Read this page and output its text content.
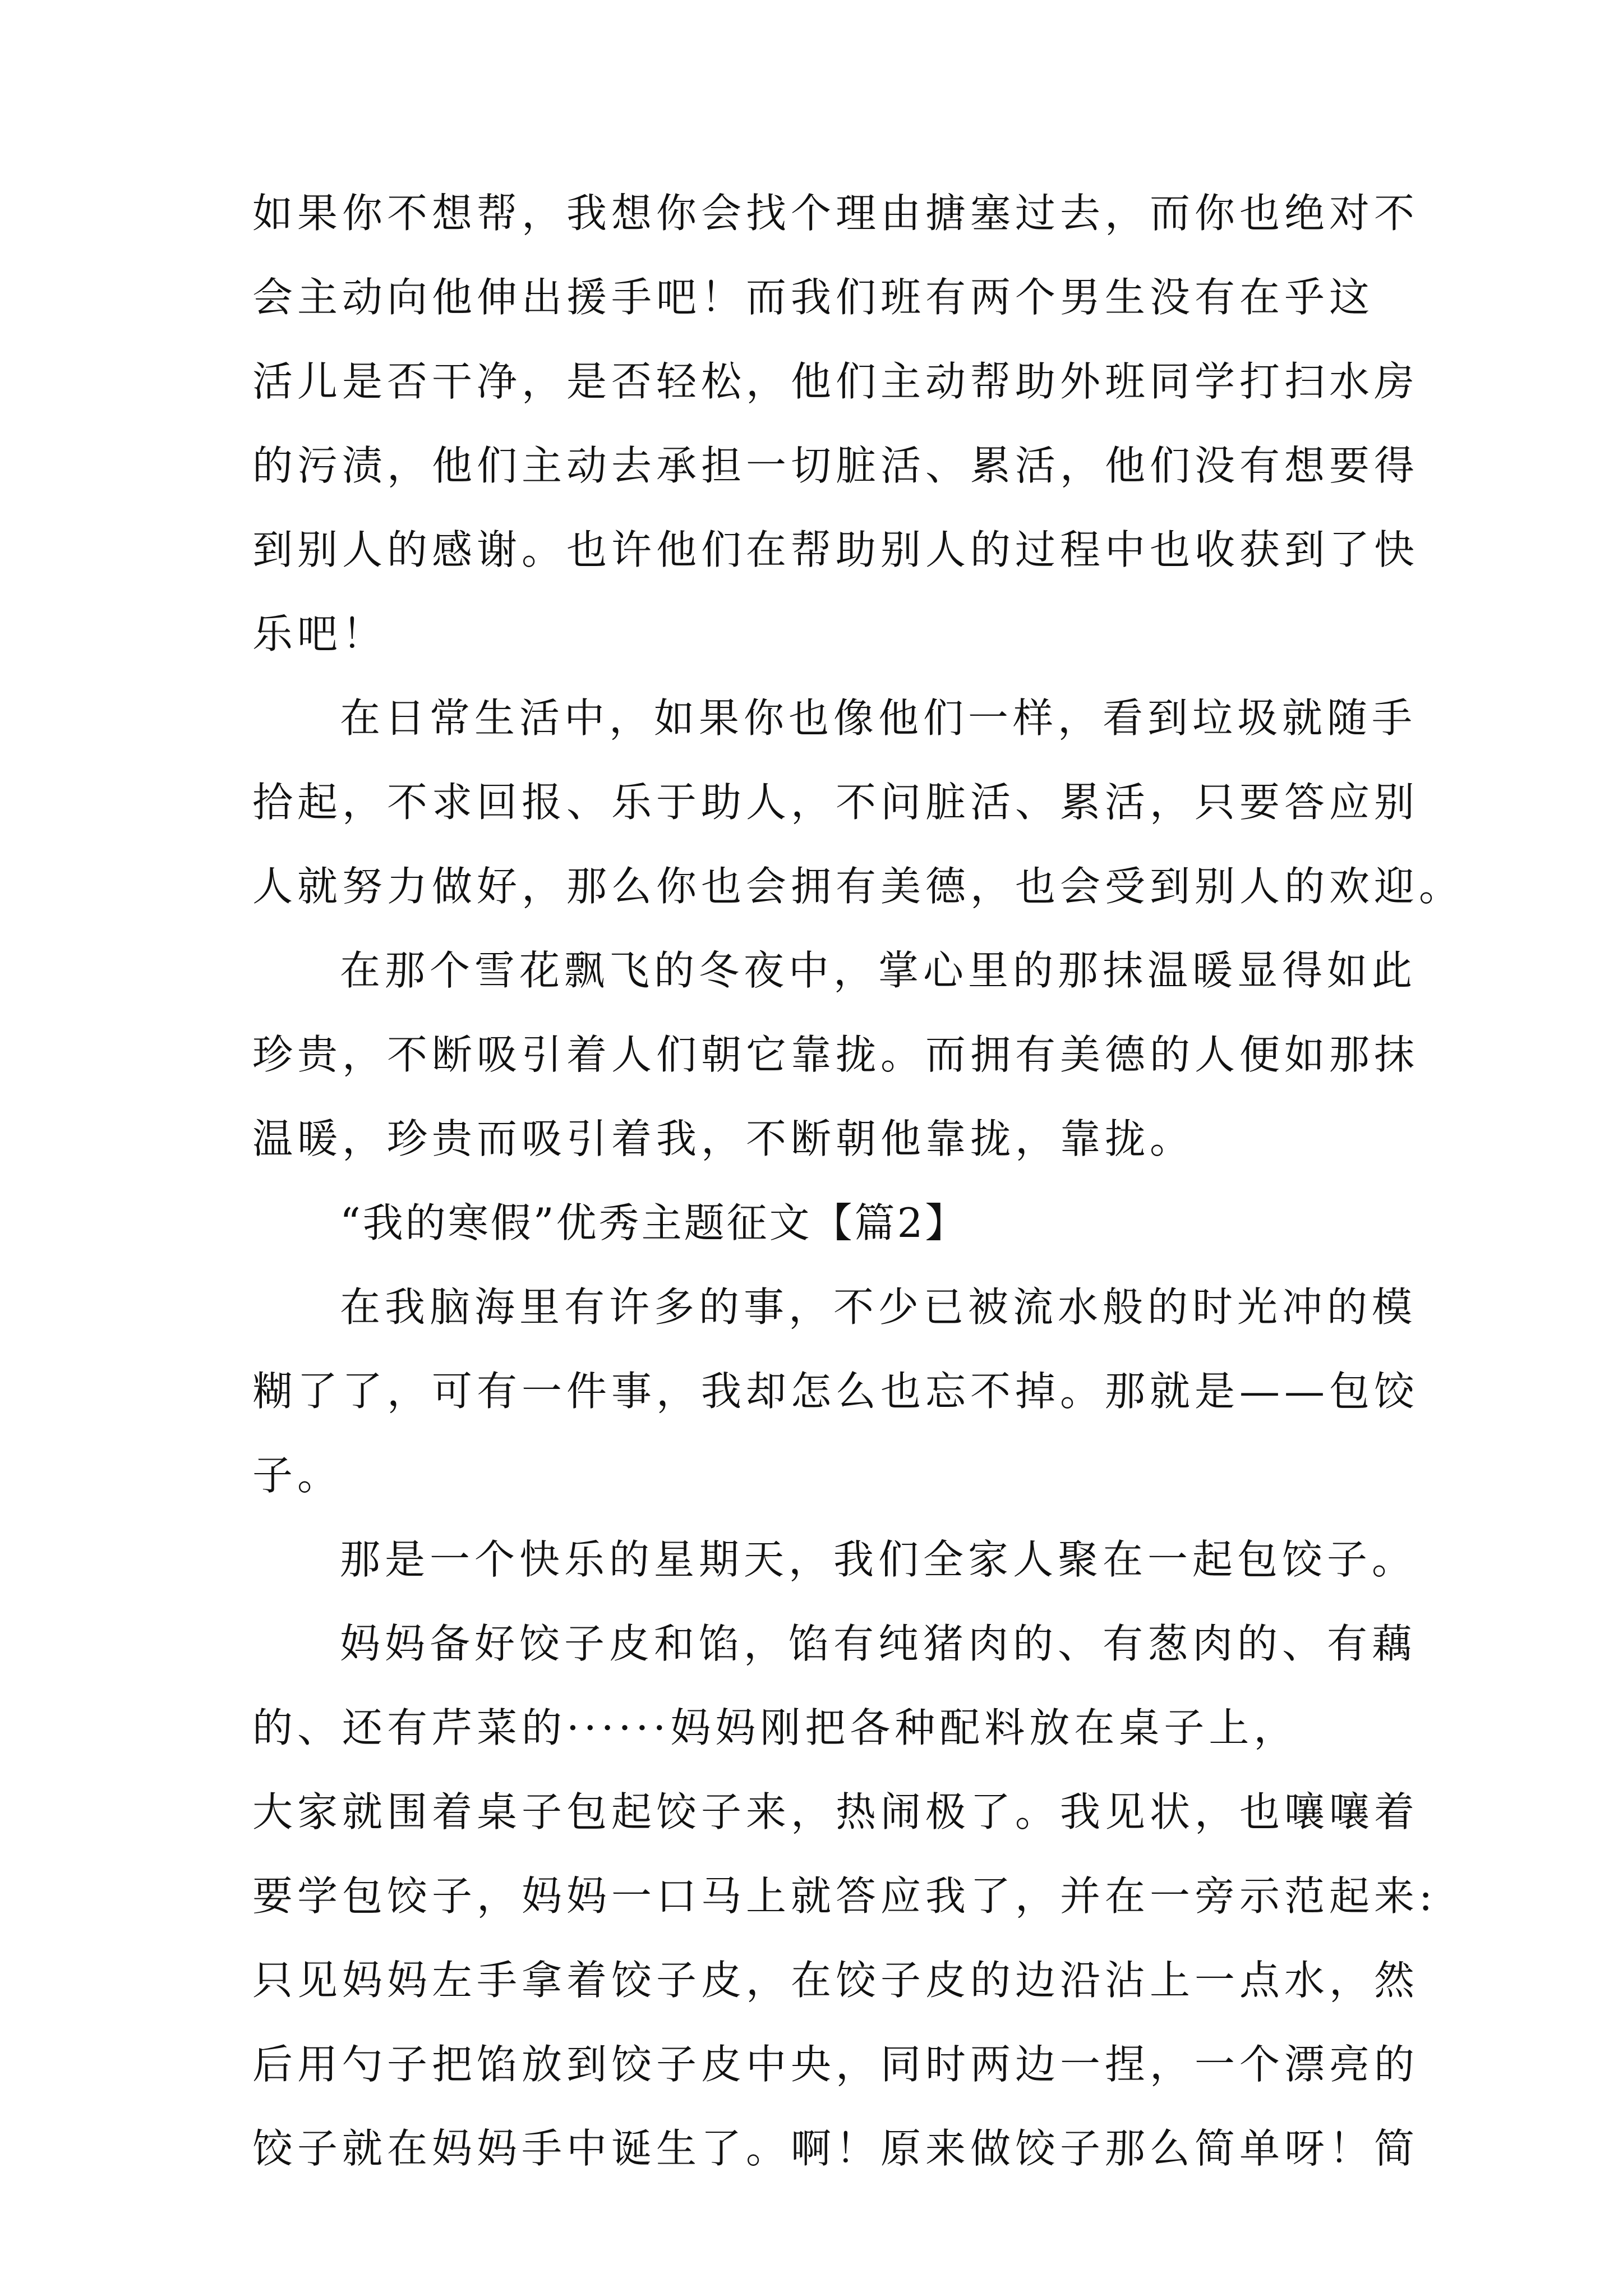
如果你不想帮，我想你会找个理由搪塞过去，而你也绝对不
会主动向他伸出援手吧！而我们班有两个男生没有在乎这
活儿是否干净，是否轻松，他们主动帮助外班同学打扫水房
的污渍，他们主动去承担一切脏活、累活，他们没有想要得
到别人的感谢。也许他们在帮助别人的过程中也收获到了快
乐吧！
在日常生活中，如果你也像他们一样，看到垃圾就随手
拾起，不求回报、乐于助人，不问脏活、累活，只要答应别
人就努力做好，那么你也会拥有美德，也会受到别人的欢迎。
在那个雪花飘飞的冬夜中，掌心里的那抹温暖显得如此
珍贵，不断吸引着人们朝它靠拢。而拥有美德的人便如那抹
温暖，珍贵而吸引着我，不断朝他靠拢，靠拢。
“我的寒假”优秀主题征文【篇2】
在我脑海里有许多的事，不少已被流水般的时光冲的模
糊了了，可有一件事，我却怎么也忘不掉。那就是——包饺
子。
那是一个快乐的星期天，我们全家人聚在一起包饺子。
妈妈备好饺子皮和馅，馅有纯猪肉的、有葱肉的、有藕
的、还有芹菜的······妈妈刚把各种配料放在桌子上，
大家就围着桌子包起饺子来，热闹极了。我见状，也嚷嚷着
要学包饺子，妈妈一口马上就答应我了，并在一旁示范起来:
只见妈妈左手拿着饺子皮，在饺子皮的边沿沾上一点水，然
后用勺子把馅放到饺子皮中央，同时两边一捏，一个漂亮的
饺子就在妈妈手中诞生了。啊！原来做饺子那么简单呀！简
